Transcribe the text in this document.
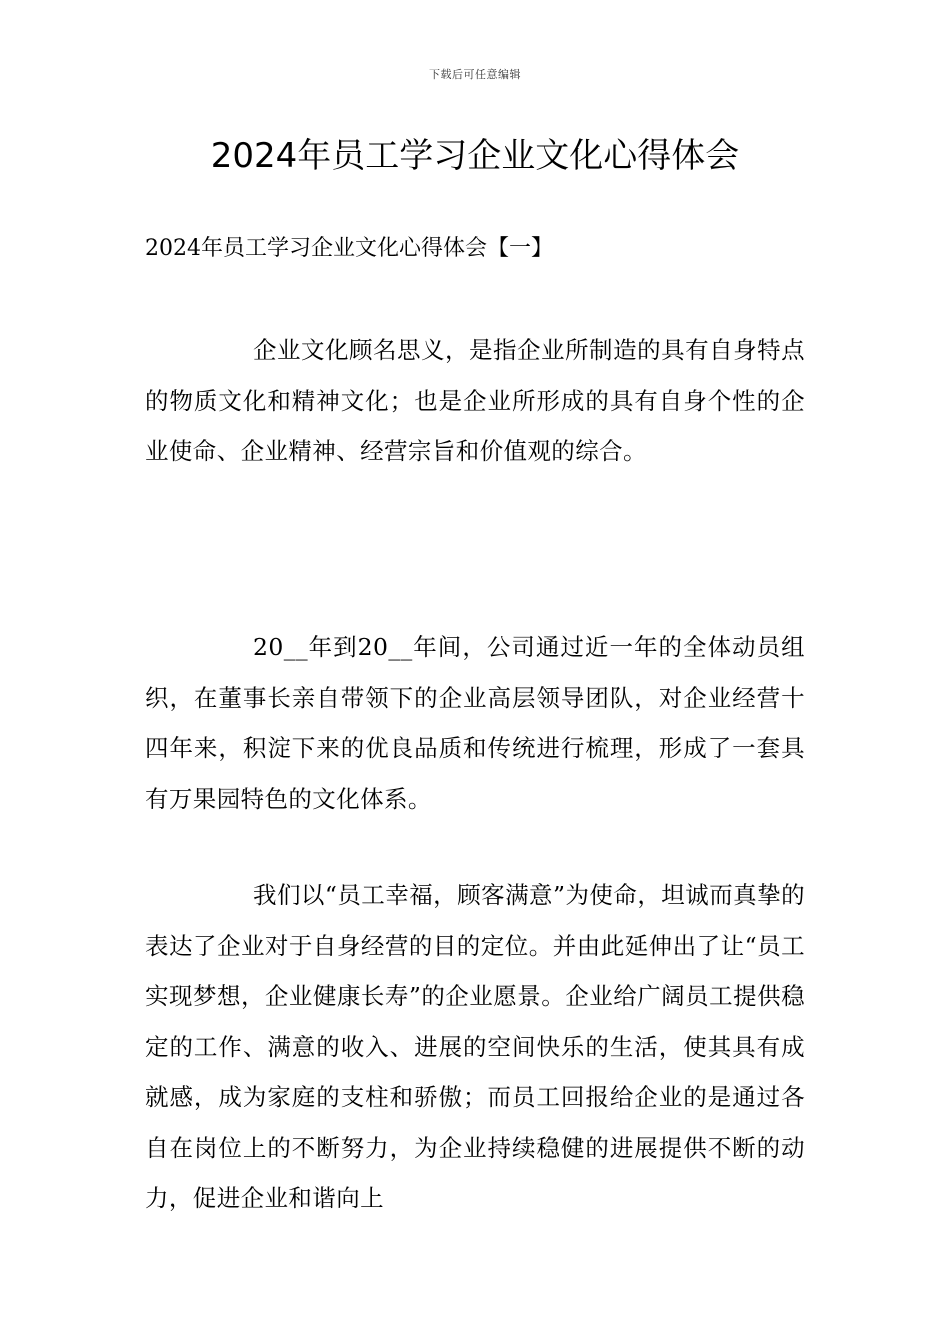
下载后可任意编辑
2024年员工学习企业文化心得体会
2024年员工学习企业文化心得体会【一】

企业文化顾名思义，是指企业所制造的具有自身特点的物质文化和精神文化；也是企业所形成的具有自身个性的企业使命、企业精神、经营宗旨和价值观的综合。

20__年到20__年间，公司通过近一年的全体动员组织，在董事长亲自带领下的企业高层领导团队，对企业经营十四年来，积淀下来的优良品质和传统进行梳理，形成了一套具有万果园特色的文化体系。

我们以“员工幸福，顾客满意”为使命，坦诚而真挚的表达了企业对于自身经营的目的定位。并由此延伸出了让“员工实现梦想，企业健康长寿”的企业愿景。企业给广阔员工提供稳定的工作、满意的收入、进展的空间快乐的生活，使其具有成就感，成为家庭的支柱和骄傲；而员工回报给企业的是通过各自在岗位上的不断努力，为企业持续稳健的进展提供不断的动力，促进企业和谐向上
